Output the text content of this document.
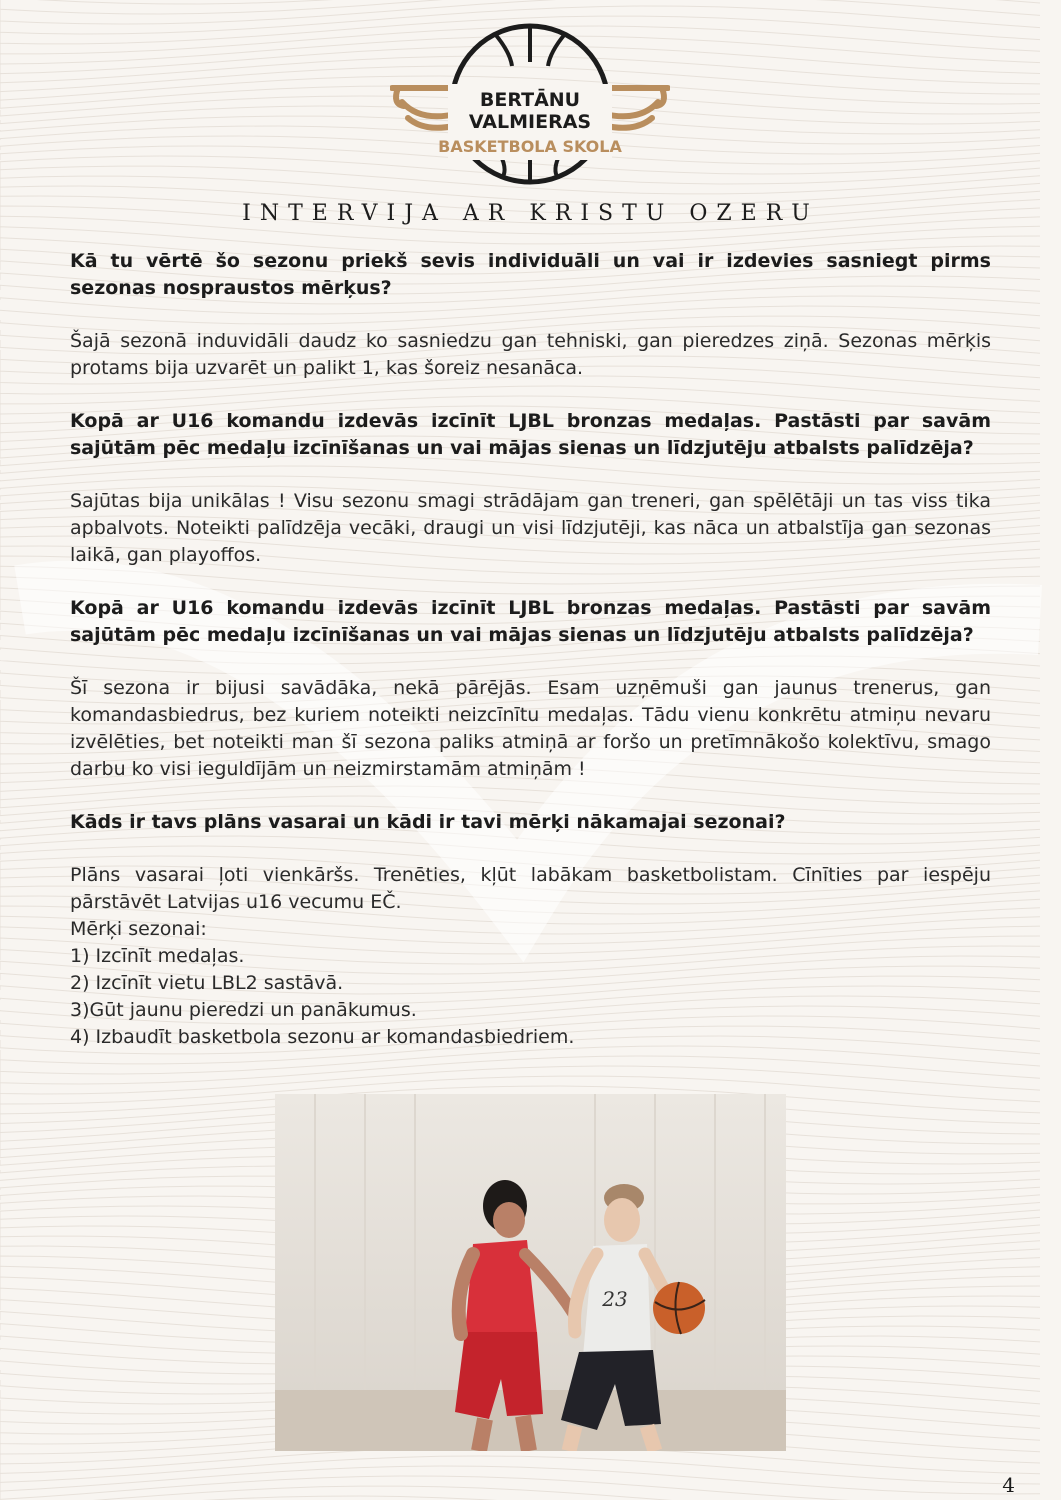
BERTĀNU
VALMIERAS
BASKETBOLA SKOLA
INTERVIJA AR KRISTU OZERU

Kā tu vērtē šo sezonu priekš sevis individuāli un vai ir izdevies sasniegt pirms sezonas nospraustos mērķus?

Šajā sezonā induvidāli daudz ko sasniedzu gan tehniski, gan pieredzes ziņā. Sezonas mērķis protams bija uzvarēt un palikt 1, kas šoreiz nesanāca.

Kopā ar U16 komandu izdevās izcīnīt LJBL bronzas medaļas. Pastāsti par savām sajūtām pēc medaļu izcīnīšanas un vai mājas sienas un līdzjutēju atbalsts palīdzēja?

Sajūtas bija unikālas ! Visu sezonu smagi strādājam gan treneri, gan spēlētāji un tas viss tika apbalvots. Noteikti palīdzēja vecāki, draugi un visi līdzjutēji, kas nāca un atbalstīja gan sezonas laikā, gan playoffos.

Kopā ar U16 komandu izdevās izcīnīt LJBL bronzas medaļas. Pastāsti par savām sajūtām pēc medaļu izcīnīšanas un vai mājas sienas un līdzjutēju atbalsts palīdzēja?

Šī sezona ir bijusi savādāka, nekā pārējās. Esam uzņēmuši gan jaunus trenerus, gan komandasbiedrus, bez kuriem noteikti neizcīnītu medaļas. Tādu vienu konkrētu atmiņu nevaru izvēlēties, bet noteikti man šī sezona paliks atmiņā ar foršo un pretīmnākošo kolektīvu, smago darbu ko visi ieguldījām un neizmirstamām atmiņām !

Kāds ir tavs plāns vasarai un kādi ir tavi mērķi nākamajai sezonai?

Plāns vasarai ļoti vienkāršs. Trenēties, kļūt labākam basketbolistam. Cīnīties par iespēju pārstāvēt Latvijas u16 vecumu EČ.

Mērķi sezonai:

1) Izcīnīt medaļas.

2) Izcīnīt vietu LBL2 sastāvā.

3)Gūt jaunu pieredzi un panākumus.

4) Izbaudīt basketbola sezonu ar komandasbiedriem.

23
4
